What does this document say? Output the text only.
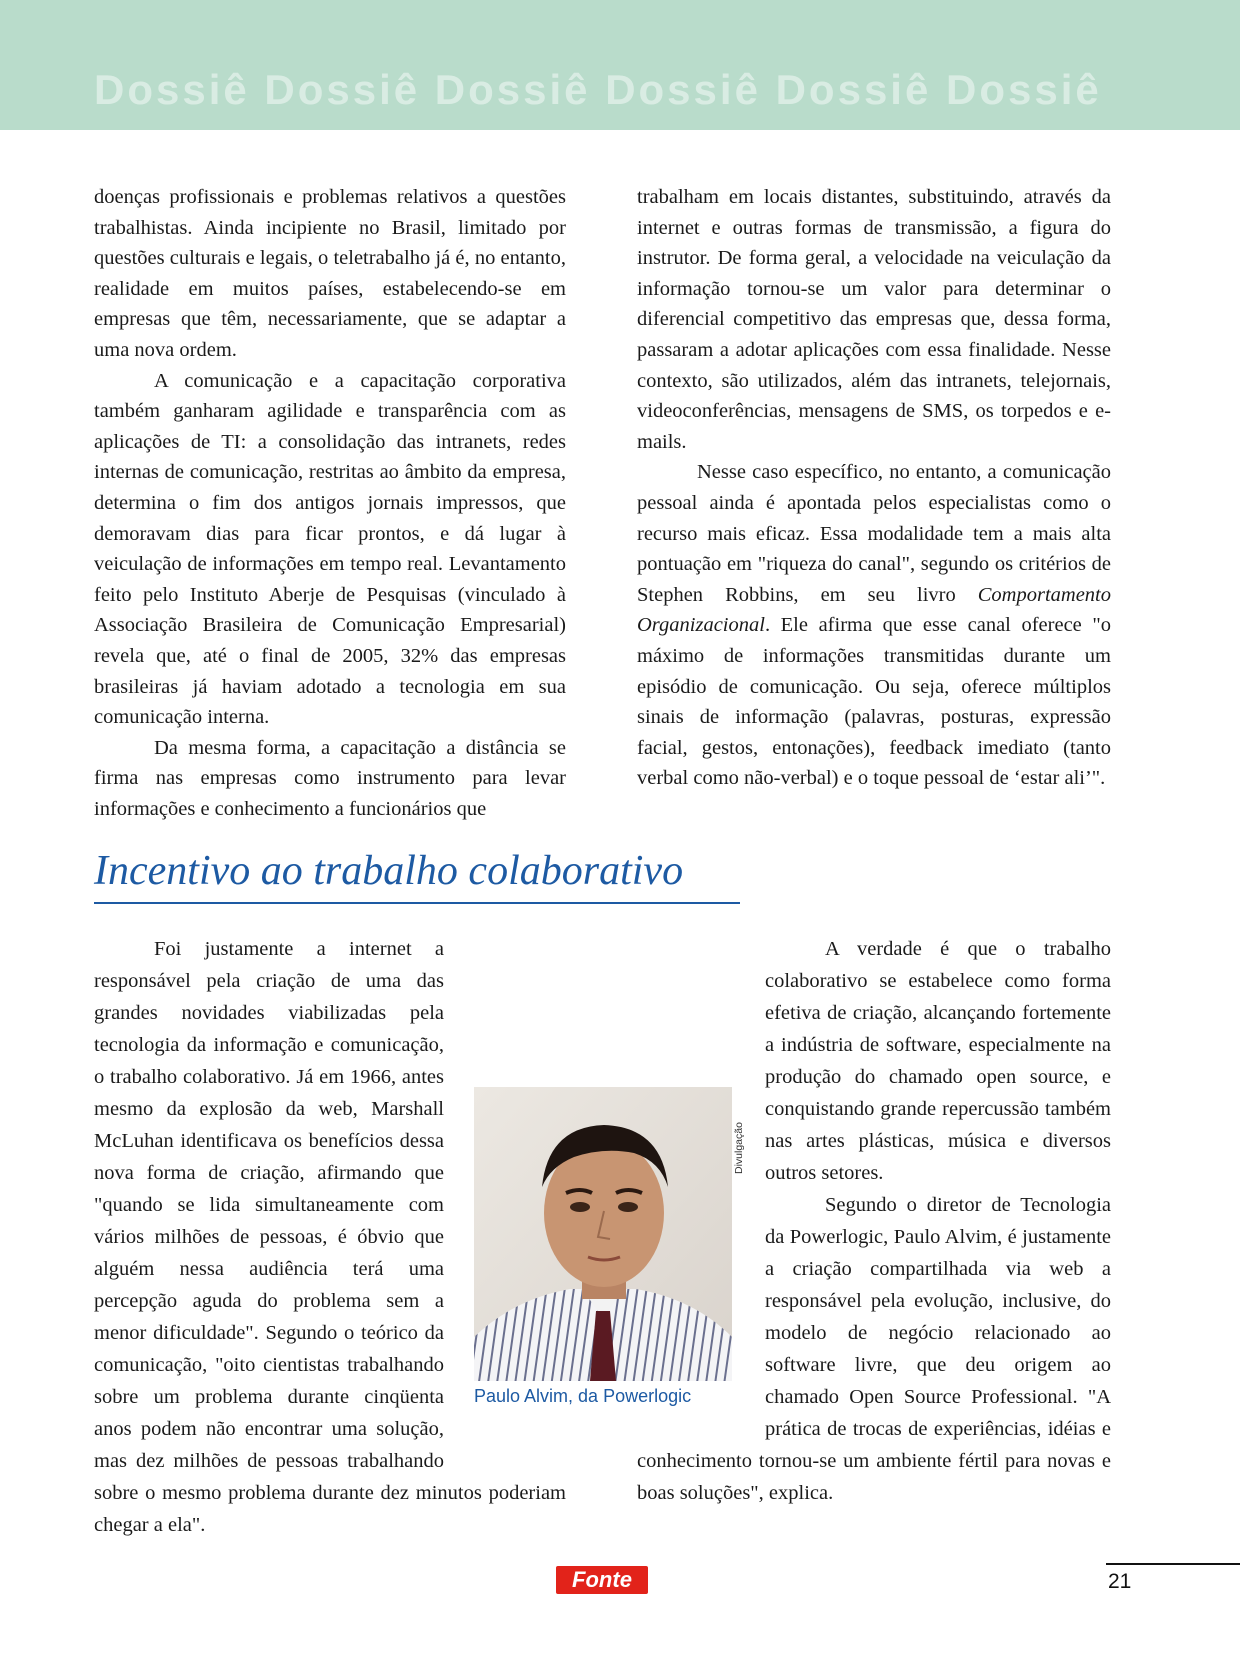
Dossiê Dossiê Dossiê Dossiê Dossiê Dossiê

doenças profissionais e problemas relativos a questões trabalhistas. Ainda incipiente no Brasil, limitado por questões culturais e legais, o teletrabalho já é, no entanto, realidade em muitos países, estabelecendo-se em empresas que têm, necessariamente, que se adaptar a uma nova ordem.

A comunicação e a capacitação corporativa também ganharam agilidade e transparência com as aplicações de TI: a consolidação das intranets, redes internas de comunicação, restritas ao âmbito da empresa, determina o fim dos antigos jornais impressos, que demoravam dias para ficar prontos, e dá lugar à veiculação de informações em tempo real. Levantamento feito pelo Instituto Aberje de Pesquisas (vinculado à Associação Brasileira de Comunicação Empresarial) revela que, até o final de 2005, 32% das empresas brasileiras já haviam adotado a tecnologia em sua comunicação interna.

Da mesma forma, a capacitação a distância se firma nas empresas como instrumento para levar informações e conhecimento a funcionários que

trabalham em locais distantes, substituindo, através da internet e outras formas de transmissão, a figura do instrutor. De forma geral, a velocidade na veiculação da informação tornou-se um valor para determinar o diferencial competitivo das empresas que, dessa forma, passaram a adotar aplicações com essa finalidade. Nesse contexto, são utilizados, além das intranets, telejornais, videoconferências, mensagens de SMS, os torpedos e e-mails.

Nesse caso específico, no entanto, a comunicação pessoal ainda é apontada pelos especialistas como o recurso mais eficaz. Essa modalidade tem a mais alta pontuação em "riqueza do canal", segundo os critérios de Stephen Robbins, em seu livro Comportamento Organizacional. Ele afirma que esse canal oferece "o máximo de informações transmitidas durante um episódio de comunicação. Ou seja, oferece múltiplos sinais de informação (palavras, posturas, expressão facial, gestos, entonações), feedback imediato (tanto verbal como não-verbal) e o toque pessoal de ‘estar ali’".

Incentivo ao trabalho colaborativo

Foi justamente a internet a responsável pela criação de uma das grandes novidades viabilizadas pela tecnologia da informação e comunicação, o trabalho colaborativo. Já em 1966, antes mesmo da explosão da web, Marshall McLuhan identificava os benefícios dessa nova forma de criação, afirmando que "quando se lida simultaneamente com vários milhões de pessoas, é óbvio que alguém nessa audiência terá uma percepção aguda do problema sem a menor dificuldade". Segundo o teórico da comunicação, "oito cientistas trabalhando sobre um problema durante cinqüenta anos podem não encontrar uma solução, mas dez milhões de pessoas trabalhando sobre o mesmo problema durante dez minutos poderiam chegar a ela".

A verdade é que o trabalho colaborativo se estabelece como forma efetiva de criação, alcançando fortemente a indústria de software, especialmente na produção do chamado open source, e conquistando grande repercussão também nas artes plásticas, música e diversos outros setores.

Segundo o diretor de Tecnologia da Powerlogic, Paulo Alvim, é justamente a criação compartilhada via web a responsável pela evolução, inclusive, do modelo de negócio relacionado ao software livre, que deu origem ao chamado Open Source Professional. "A prática de trocas de experiências, idéias e conhecimento tornou-se um ambiente fértil para novas e boas soluções", explica.

Divulgação
Paulo Alvim, da Powerlogic
Fonte	21
